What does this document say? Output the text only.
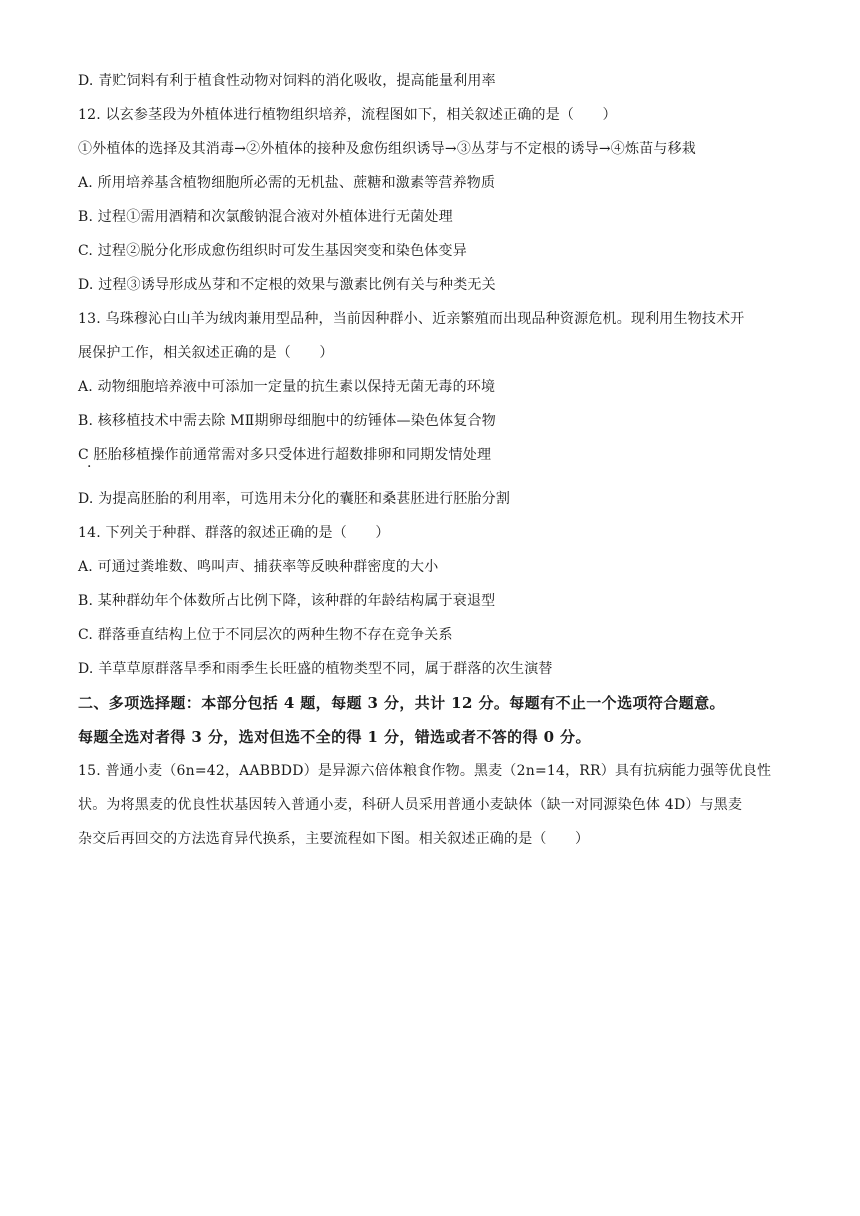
D. 青贮饲料有利于植食性动物对饲料的消化吸收，提高能量利用率
12. 以玄参茎段为外植体进行植物组织培养，流程图如下，相关叙述正确的是（　　）
①外植体的选择及其消毒→②外植体的接种及愈伤组织诱导→③丛芽与不定根的诱导→④炼苗与移栽
A. 所用培养基含植物细胞所必需的无机盐、蔗糖和激素等营养物质
B. 过程①需用酒精和次氯酸钠混合液对外植体进行无菌处理
C. 过程②脱分化形成愈伤组织时可发生基因突变和染色体变异
D. 过程③诱导形成丛芽和不定根的效果与激素比例有关与种类无关
13. 乌珠穆沁白山羊为绒肉兼用型品种，当前因种群小、近亲繁殖而出现品种资源危机。现利用生物技术开
展保护工作，相关叙述正确的是（　　）
A. 动物细胞培养液中可添加一定量的抗生素以保持无菌无毒的环境
B. 核移植技术中需去除 MⅡ期卵母细胞中的纺锤体—染色体复合物
C 胚胎移植操作前通常需对多只受体进行超数排卵和同期发情处理
·
D. 为提高胚胎的利用率，可选用未分化的囊胚和桑葚胚进行胚胎分割
14. 下列关于种群、群落的叙述正确的是（　　）
A. 可通过粪堆数、鸣叫声、捕获率等反映种群密度的大小
B. 某种群幼年个体数所占比例下降，该种群的年龄结构属于衰退型
C. 群落垂直结构上位于不同层次的两种生物不存在竞争关系
D. 羊草草原群落旱季和雨季生长旺盛的植物类型不同，属于群落的次生演替
二、多项选择题：本部分包括 4 题，每题 3 分，共计 12 分。每题有不止一个选项符合题意。
每题全选对者得 3 分，选对但选不全的得 1 分，错选或者不答的得 0 分。
15. 普通小麦（6n=42，AABBDD）是异源六倍体粮食作物。黑麦（2n=14，RR）具有抗病能力强等优良性
状。为将黑麦的优良性状基因转入普通小麦，科研人员采用普通小麦缺体（缺一对同源染色体 4D）与黑麦
杂交后再回交的方法选育异代换系，主要流程如下图。相关叙述正确的是（　　）
